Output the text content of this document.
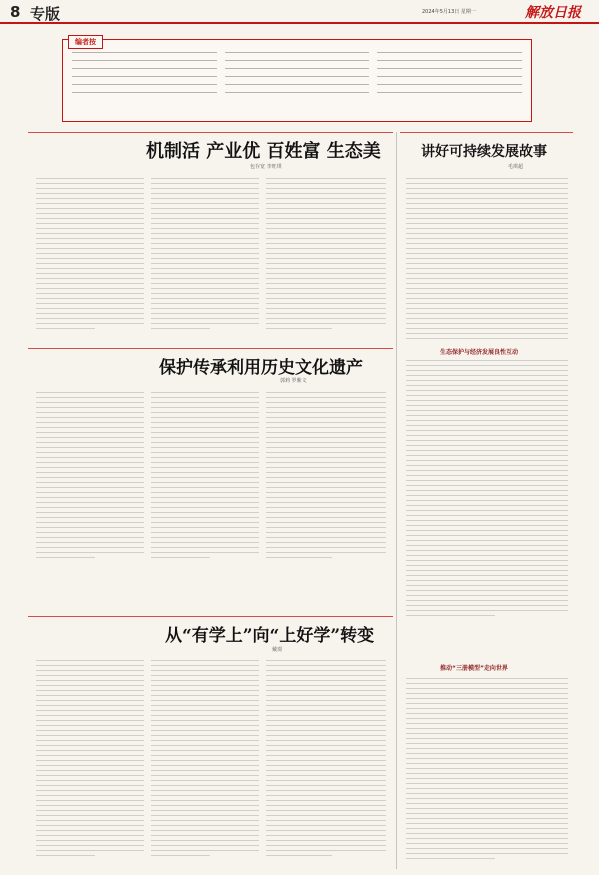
8 专版	2024年5月13日 星期一	解放日报
编者按
机制活 产业优 百姓富 生态美
包存宽 李旺琪
讲好可持续发展故事
毛琪超
保护传承利用历史文化遗产
郭莉 罗紫文
从“有学上”向“上好学”转变
戴璟
生态保护与经济发展良性互动
推动“三册模型”走向世界
